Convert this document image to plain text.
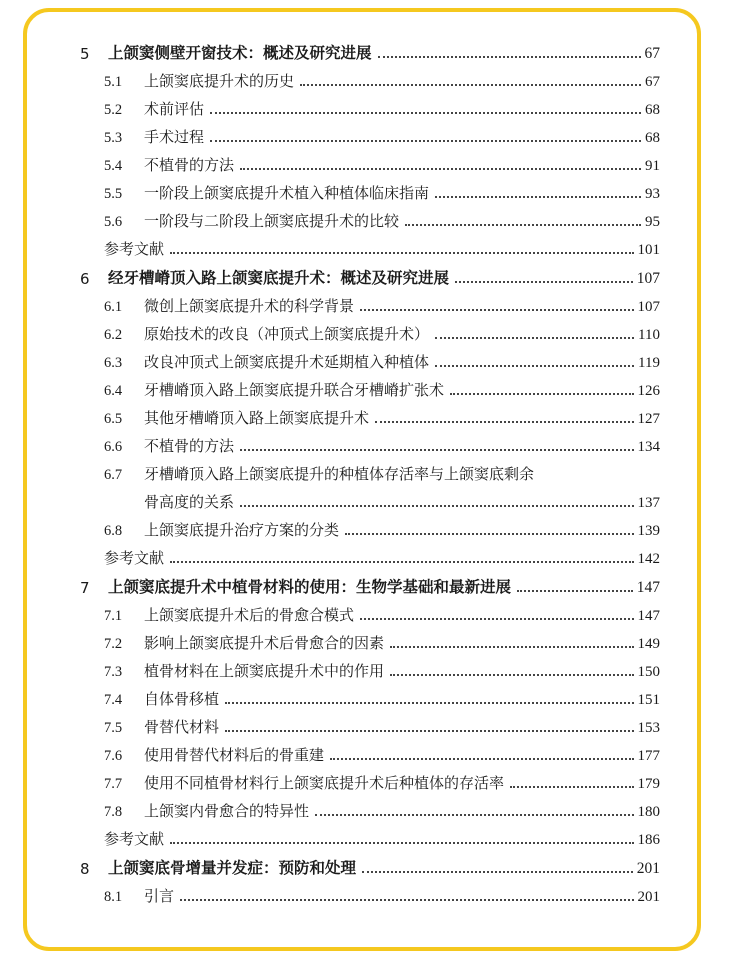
5	上颌窦侧壁开窗技术：概述及研究进展	67
5.1	上颌窦底提升术的历史	67
5.2	术前评估	68
5.3	手术过程	68
5.4	不植骨的方法	91
5.5	一阶段上颌窦底提升术植入种植体临床指南	93
5.6	一阶段与二阶段上颌窦底提升术的比较	95
参考文献	101
6	经牙槽嵴顶入路上颌窦底提升术：概述及研究进展	107
6.1	微创上颌窦底提升术的科学背景	107
6.2	原始技术的改良（冲顶式上颌窦底提升术）	110
6.3	改良冲顶式上颌窦底提升术延期植入种植体	119
6.4	牙槽嵴顶入路上颌窦底提升联合牙槽嵴扩张术	126
6.5	其他牙槽嵴顶入路上颌窦底提升术	127
6.6	不植骨的方法	134
6.7	牙槽嵴顶入路上颌窦底提升的种植体存活率与上颌窦底剩余
骨高度的关系	137
6.8	上颌窦底提升治疗方案的分类	139
参考文献	142
7	上颌窦底提升术中植骨材料的使用：生物学基础和最新进展	147
7.1	上颌窦底提升术后的骨愈合模式	147
7.2	影响上颌窦底提升术后骨愈合的因素	149
7.3	植骨材料在上颌窦底提升术中的作用	150
7.4	自体骨移植	151
7.5	骨替代材料	153
7.6	使用骨替代材料后的骨重建	177
7.7	使用不同植骨材料行上颌窦底提升术后种植体的存活率	179
7.8	上颌窦内骨愈合的特异性	180
参考文献	186
8	上颌窦底骨增量并发症：预防和处理	201
8.1	引言	201
